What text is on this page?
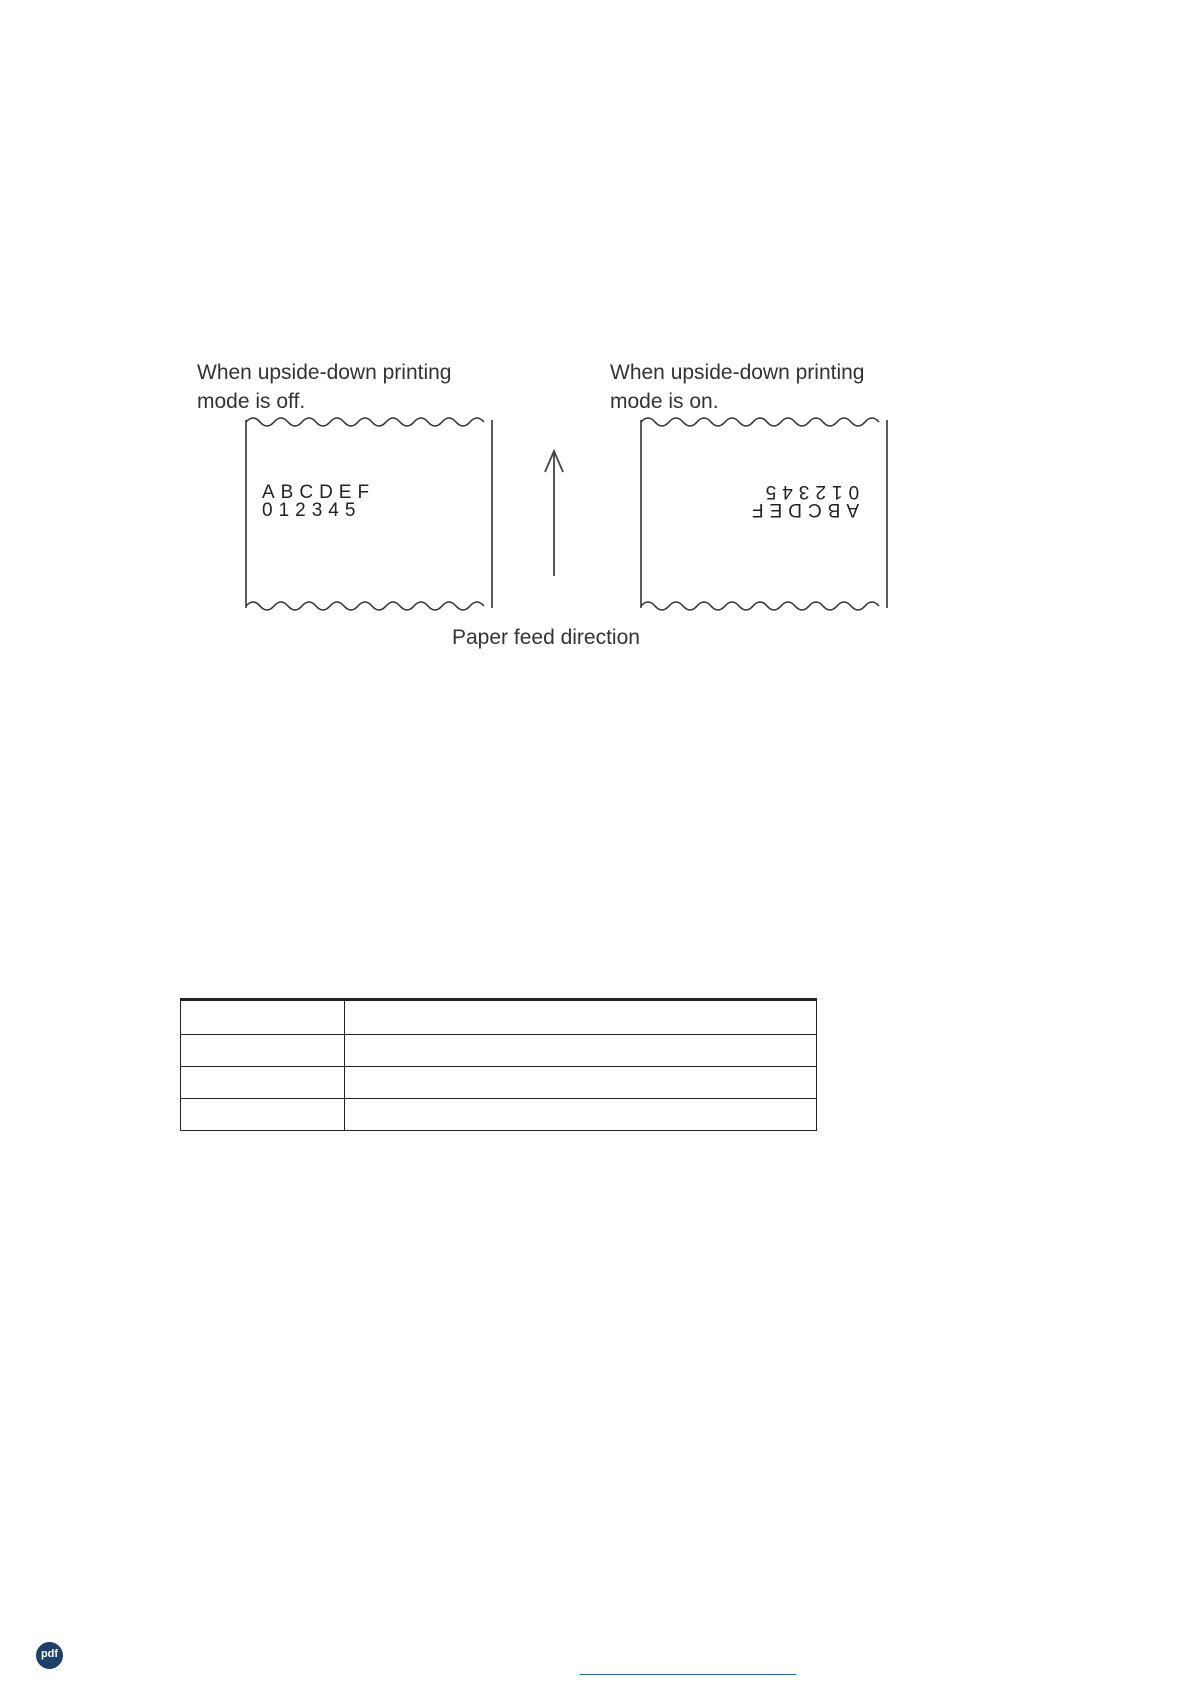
When upside-down printing mode is off.
When upside-down printing mode is on.
ABCDEF
012345	ABCDEF
012345
Paper feed direction

pdf
